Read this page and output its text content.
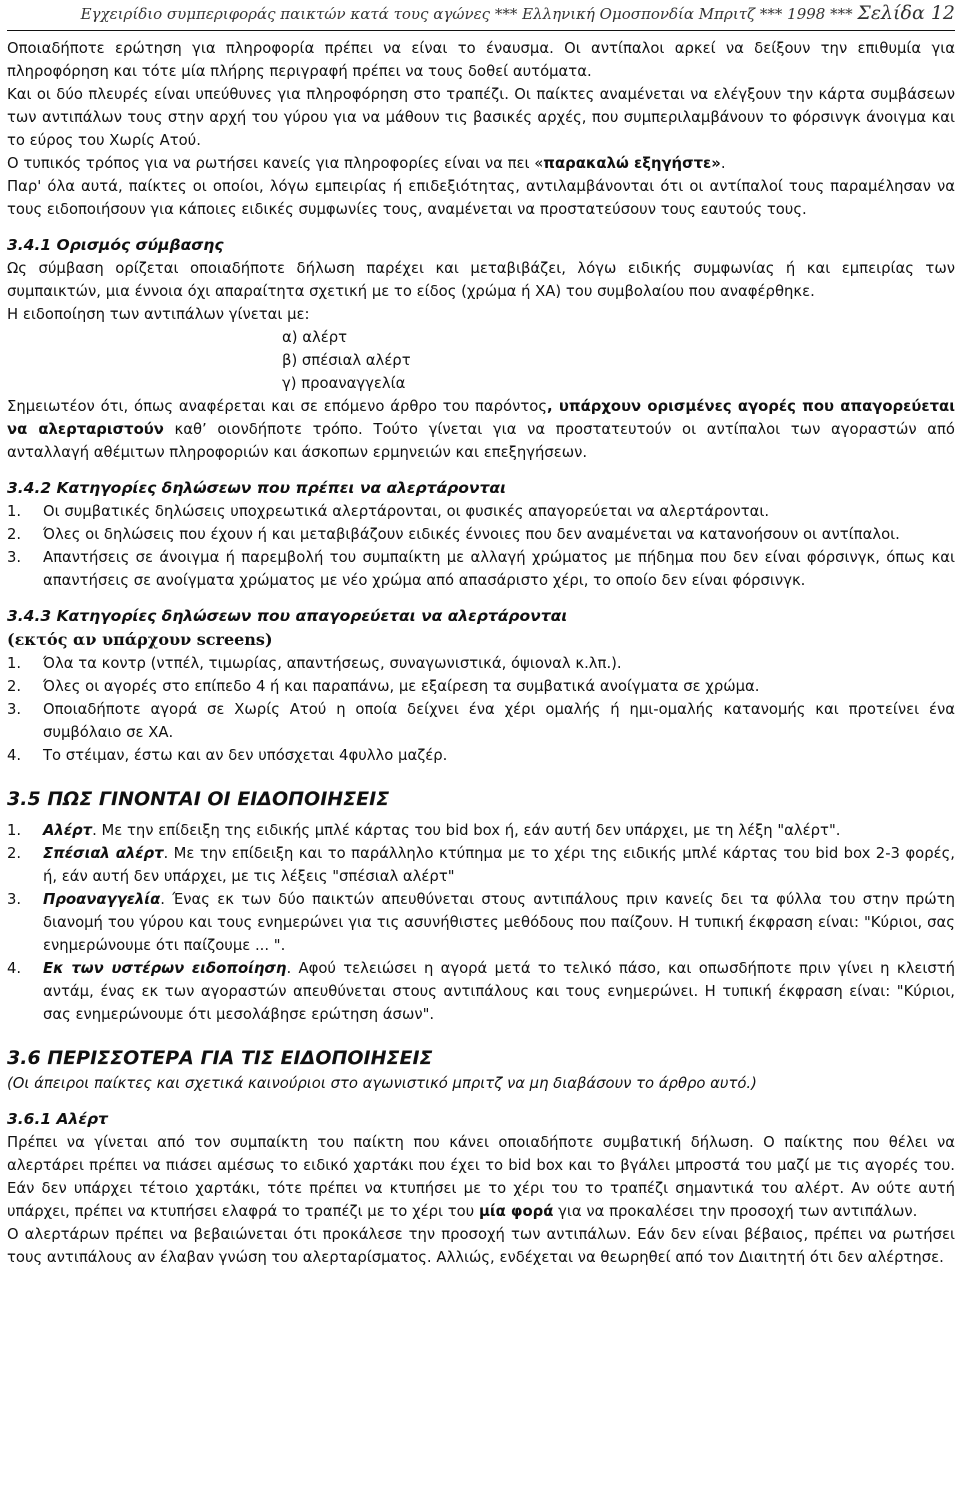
Εγχειρίδιο συμπεριφοράς παικτών κατά τους αγώνες *** Ελληνική Ομοσπονδία Μπριτζ *** 1998 *** Σελίδα 12

Οποιαδήποτε ερώτηση για πληροφορία πρέπει να είναι το έναυσμα. Οι αντίπαλοι αρκεί να δείξουν την επιθυμία για πληροφόρηση και τότε μία πλήρης περιγραφή πρέπει να τους δοθεί αυτόματα.

Και οι δύο πλευρές είναι υπεύθυνες για πληροφόρηση στο τραπέζι. Οι παίκτες αναμένεται να ελέγξουν την κάρτα συμβάσεων των αντιπάλων τους στην αρχή του γύρου για να μάθουν τις βασικές αρχές, που συμπεριλαμβάνουν το φόρσινγκ άνοιγμα και το εύρος του Χωρίς Ατού.

Ο τυπικός τρόπος για να ρωτήσει κανείς για πληροφορίες είναι να πει «παρακαλώ εξηγήστε».

Παρ' όλα αυτά, παίκτες οι οποίοι, λόγω εμπειρίας ή επιδεξιότητας, αντιλαμβάνονται ότι οι αντίπαλοί τους παραμέλησαν να τους ειδοποιήσουν για κάποιες ειδικές συμφωνίες τους, αναμένεται να προστατεύσουν τους εαυτούς τους.

3.4.1 Ορισμός σύμβασης

Ως σύμβαση ορίζεται οποιαδήποτε δήλωση παρέχει και μεταβιβάζει, λόγω ειδικής συμφωνίας ή και εμπειρίας των συμπαικτών, μια έννοια όχι απαραίτητα σχετική με το είδος (χρώμα ή ΧΑ) του συμβολαίου που αναφέρθηκε.

Η ειδοποίηση των αντιπάλων γίνεται με:

α) αλέρτ

β) σπέσιαλ αλέρτ

γ) προαναγγελία

Σημειωτέον ότι, όπως αναφέρεται και σε επόμενο άρθρο του παρόντος, υπάρχουν ορισμένες αγορές που απαγορεύεται να αλερταριστούν καθ’ οιονδήποτε τρόπο. Τούτο γίνεται για να προστατευτούν οι αντίπαλοι των αγοραστών από ανταλλαγή αθέμιτων πληροφοριών και άσκοπων ερμηνειών και επεξηγήσεων.

3.4.2 Κατηγορίες δηλώσεων που πρέπει να αλερτάρονται
1. Οι συμβατικές δηλώσεις υποχρεωτικά αλερτάρονται, οι φυσικές απαγορεύεται να αλερτάρονται.
2. Όλες οι δηλώσεις που έχουν ή και μεταβιβάζουν ειδικές έννοιες που δεν αναμένεται να κατανοήσουν οι αντίπαλοι.
3. Απαντήσεις σε άνοιγμα ή παρεμβολή του συμπαίκτη με αλλαγή χρώματος με πήδημα που δεν είναι φόρσινγκ, όπως και απαντήσεις σε ανοίγματα χρώματος με νέο χρώμα από απασάριστο χέρι, το οποίο δεν είναι φόρσινγκ.
3.4.3 Κατηγορίες δηλώσεων που απαγορεύεται να αλερτάρονται
(εκτός αν υπάρχουν screens)
1. Όλα τα κοντρ (ντπέλ, τιμωρίας, απαντήσεως, συναγωνιστικά, όψιοναλ κ.λπ.).
2. Όλες οι αγορές στο επίπεδο 4 ή και παραπάνω, με εξαίρεση τα συμβατικά ανοίγματα σε χρώμα.
3. Οποιαδήποτε αγορά σε Χωρίς Ατού η οποία δείχνει ένα χέρι ομαλής ή ημι-ομαλής κατανομής και προτείνει ένα συμβόλαιο σε ΧΑ.
4. Το στέιμαν, έστω και αν δεν υπόσχεται 4φυλλο μαζέρ.
3.5 ΠΩΣ ΓΙΝΟΝΤΑΙ ΟΙ ΕΙΔΟΠΟΙΗΣΕΙΣ
1. Αλέρτ. Με την επίδειξη της ειδικής μπλέ κάρτας του bid box ή, εάν αυτή δεν υπάρχει, με τη λέξη "αλέρτ".
2. Σπέσιαλ αλέρτ. Με την επίδειξη και το παράλληλο κτύπημα με το χέρι της ειδικής μπλέ κάρτας του bid box 2-3 φορές, ή, εάν αυτή δεν υπάρχει, με τις λέξεις "σπέσιαλ αλέρτ"
3. Προαναγγελία. Ένας εκ των δύο παικτών απευθύνεται στους αντιπάλους πριν κανείς δει τα φύλλα του στην πρώτη διανομή του γύρου και τους ενημερώνει για τις ασυνήθιστες μεθόδους που παίζουν. Η τυπική έκφραση είναι: "Κύριοι, σας ενημερώνουμε ότι παίζουμε ... ".
4. Εκ των υστέρων ειδοποίηση. Αφού τελειώσει η αγορά μετά το τελικό πάσο, και οπωσδήποτε πριν γίνει η κλειστή αντάμ, ένας εκ των αγοραστών απευθύνεται στους αντιπάλους και τους ενημερώνει. Η τυπική έκφραση είναι: "Κύριοι, σας ενημερώνουμε ότι μεσολάβησε ερώτηση άσων".
3.6 ΠΕΡΙΣΣΟΤΕΡΑ ΓΙΑ ΤΙΣ ΕΙΔΟΠΟΙΗΣΕΙΣ

(Οι άπειροι παίκτες και σχετικά καινούριοι στο αγωνιστικό μπριτζ να μη διαβάσουν το άρθρο αυτό.)

3.6.1 Αλέρτ

Πρέπει να γίνεται από τον συμπαίκτη του παίκτη που κάνει οποιαδήποτε συμβατική δήλωση. Ο παίκτης που θέλει να αλερτάρει πρέπει να πιάσει αμέσως το ειδικό χαρτάκι που έχει το bid box και το βγάλει μπροστά του μαζί με τις αγορές του. Εάν δεν υπάρχει τέτοιο χαρτάκι, τότε πρέπει να κτυπήσει με το χέρι του το τραπέζι σημαντικά του αλέρτ. Αν ούτε αυτή υπάρχει, πρέπει να κτυπήσει ελαφρά το τραπέζι με το χέρι του μία φορά για να προκαλέσει την προσοχή των αντιπάλων.

Ο αλερτάρων πρέπει να βεβαιώνεται ότι προκάλεσε την προσοχή των αντιπάλων. Εάν δεν είναι βέβαιος, πρέπει να ρωτήσει τους αντιπάλους αν έλαβαν γνώση του αλερταρίσματος. Αλλιώς, ενδέχεται να θεωρηθεί από τον Διαιτητή ότι δεν αλέρτησε.
